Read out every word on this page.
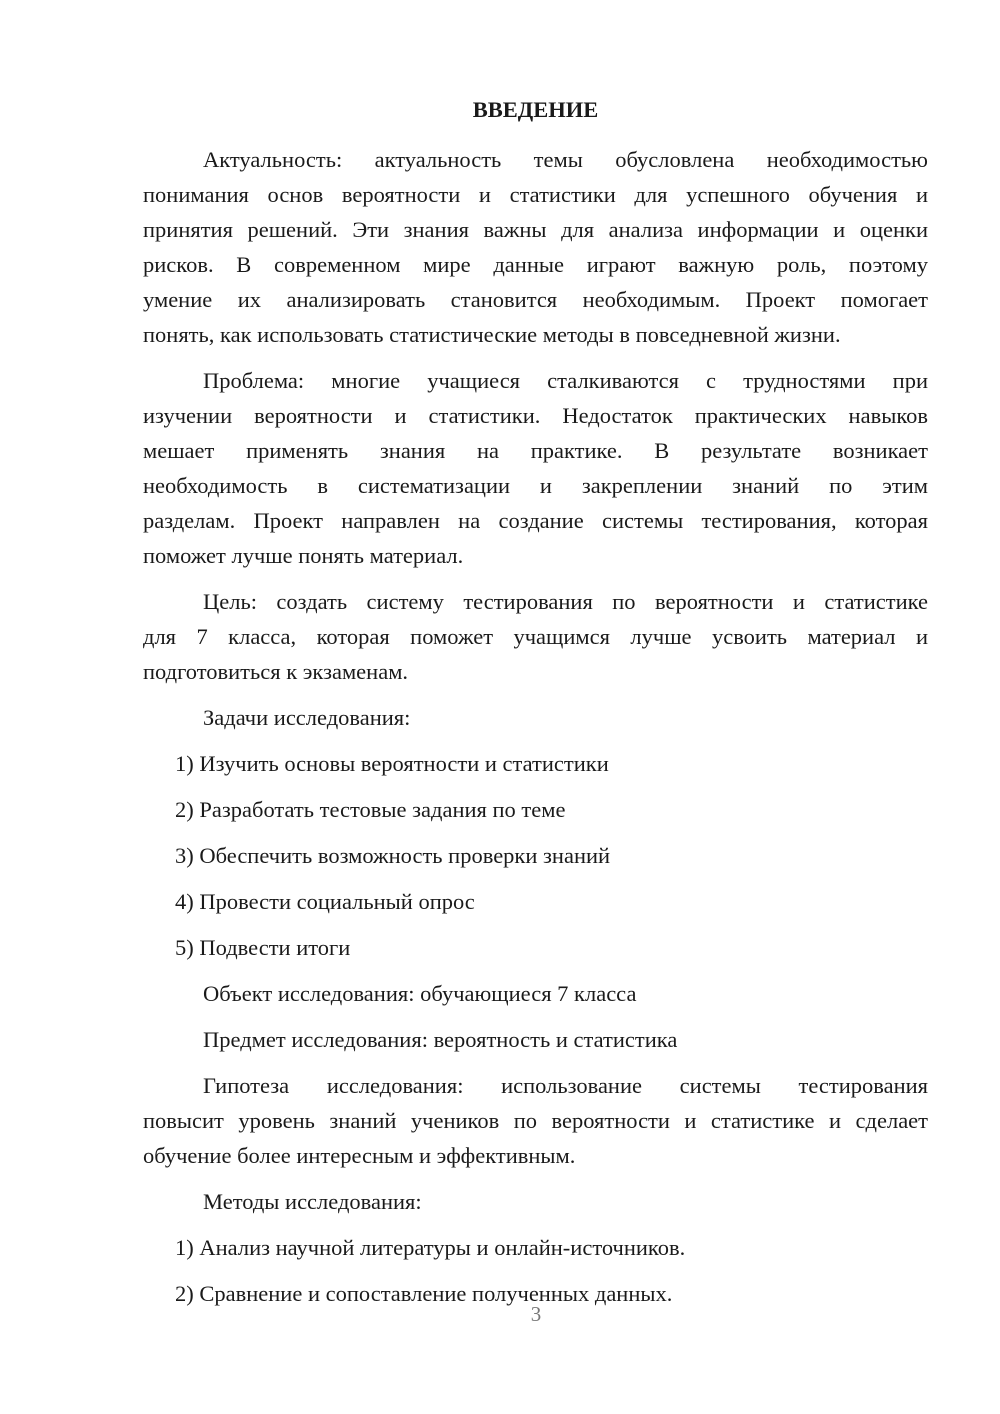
ВВЕДЕНИЕ
Актуальность: актуальность темы обусловлена необходимостью
понимания основ вероятности и статистики для успешного обучения и
принятия решений. Эти знания важны для анализа информации и оценки
рисков. В современном мире данные играют важную роль, поэтому
умение их анализировать становится необходимым. Проект помогает
понять, как использовать статистические методы в повседневной жизни.
Проблема: многие учащиеся сталкиваются с трудностями при
изучении вероятности и статистики. Недостаток практических навыков
мешает применять знания на практике. В результате возникает
необходимость в систематизации и закреплении знаний по этим
разделам. Проект направлен на создание системы тестирования, которая
поможет лучше понять материал.
Цель: создать систему тестирования по вероятности и статистике
для 7 класса, которая поможет учащимся лучше усвоить материал и
подготовиться к экзаменам.
Задачи исследования:
1) Изучить основы вероятности и статистики
2) Разработать тестовые задания по теме
3) Обеспечить возможность проверки знаний
4) Провести социальный опрос
5) Подвести итоги
Объект исследования: обучающиеся 7 класса
Предмет исследования: вероятность и статистика
Гипотеза исследования: использование системы тестирования
повысит уровень знаний учеников по вероятности и статистике и сделает
обучение более интересным и эффективным.
Методы исследования:
1) Анализ научной литературы и онлайн-источников.
2) Сравнение и сопоставление полученных данных.
3
